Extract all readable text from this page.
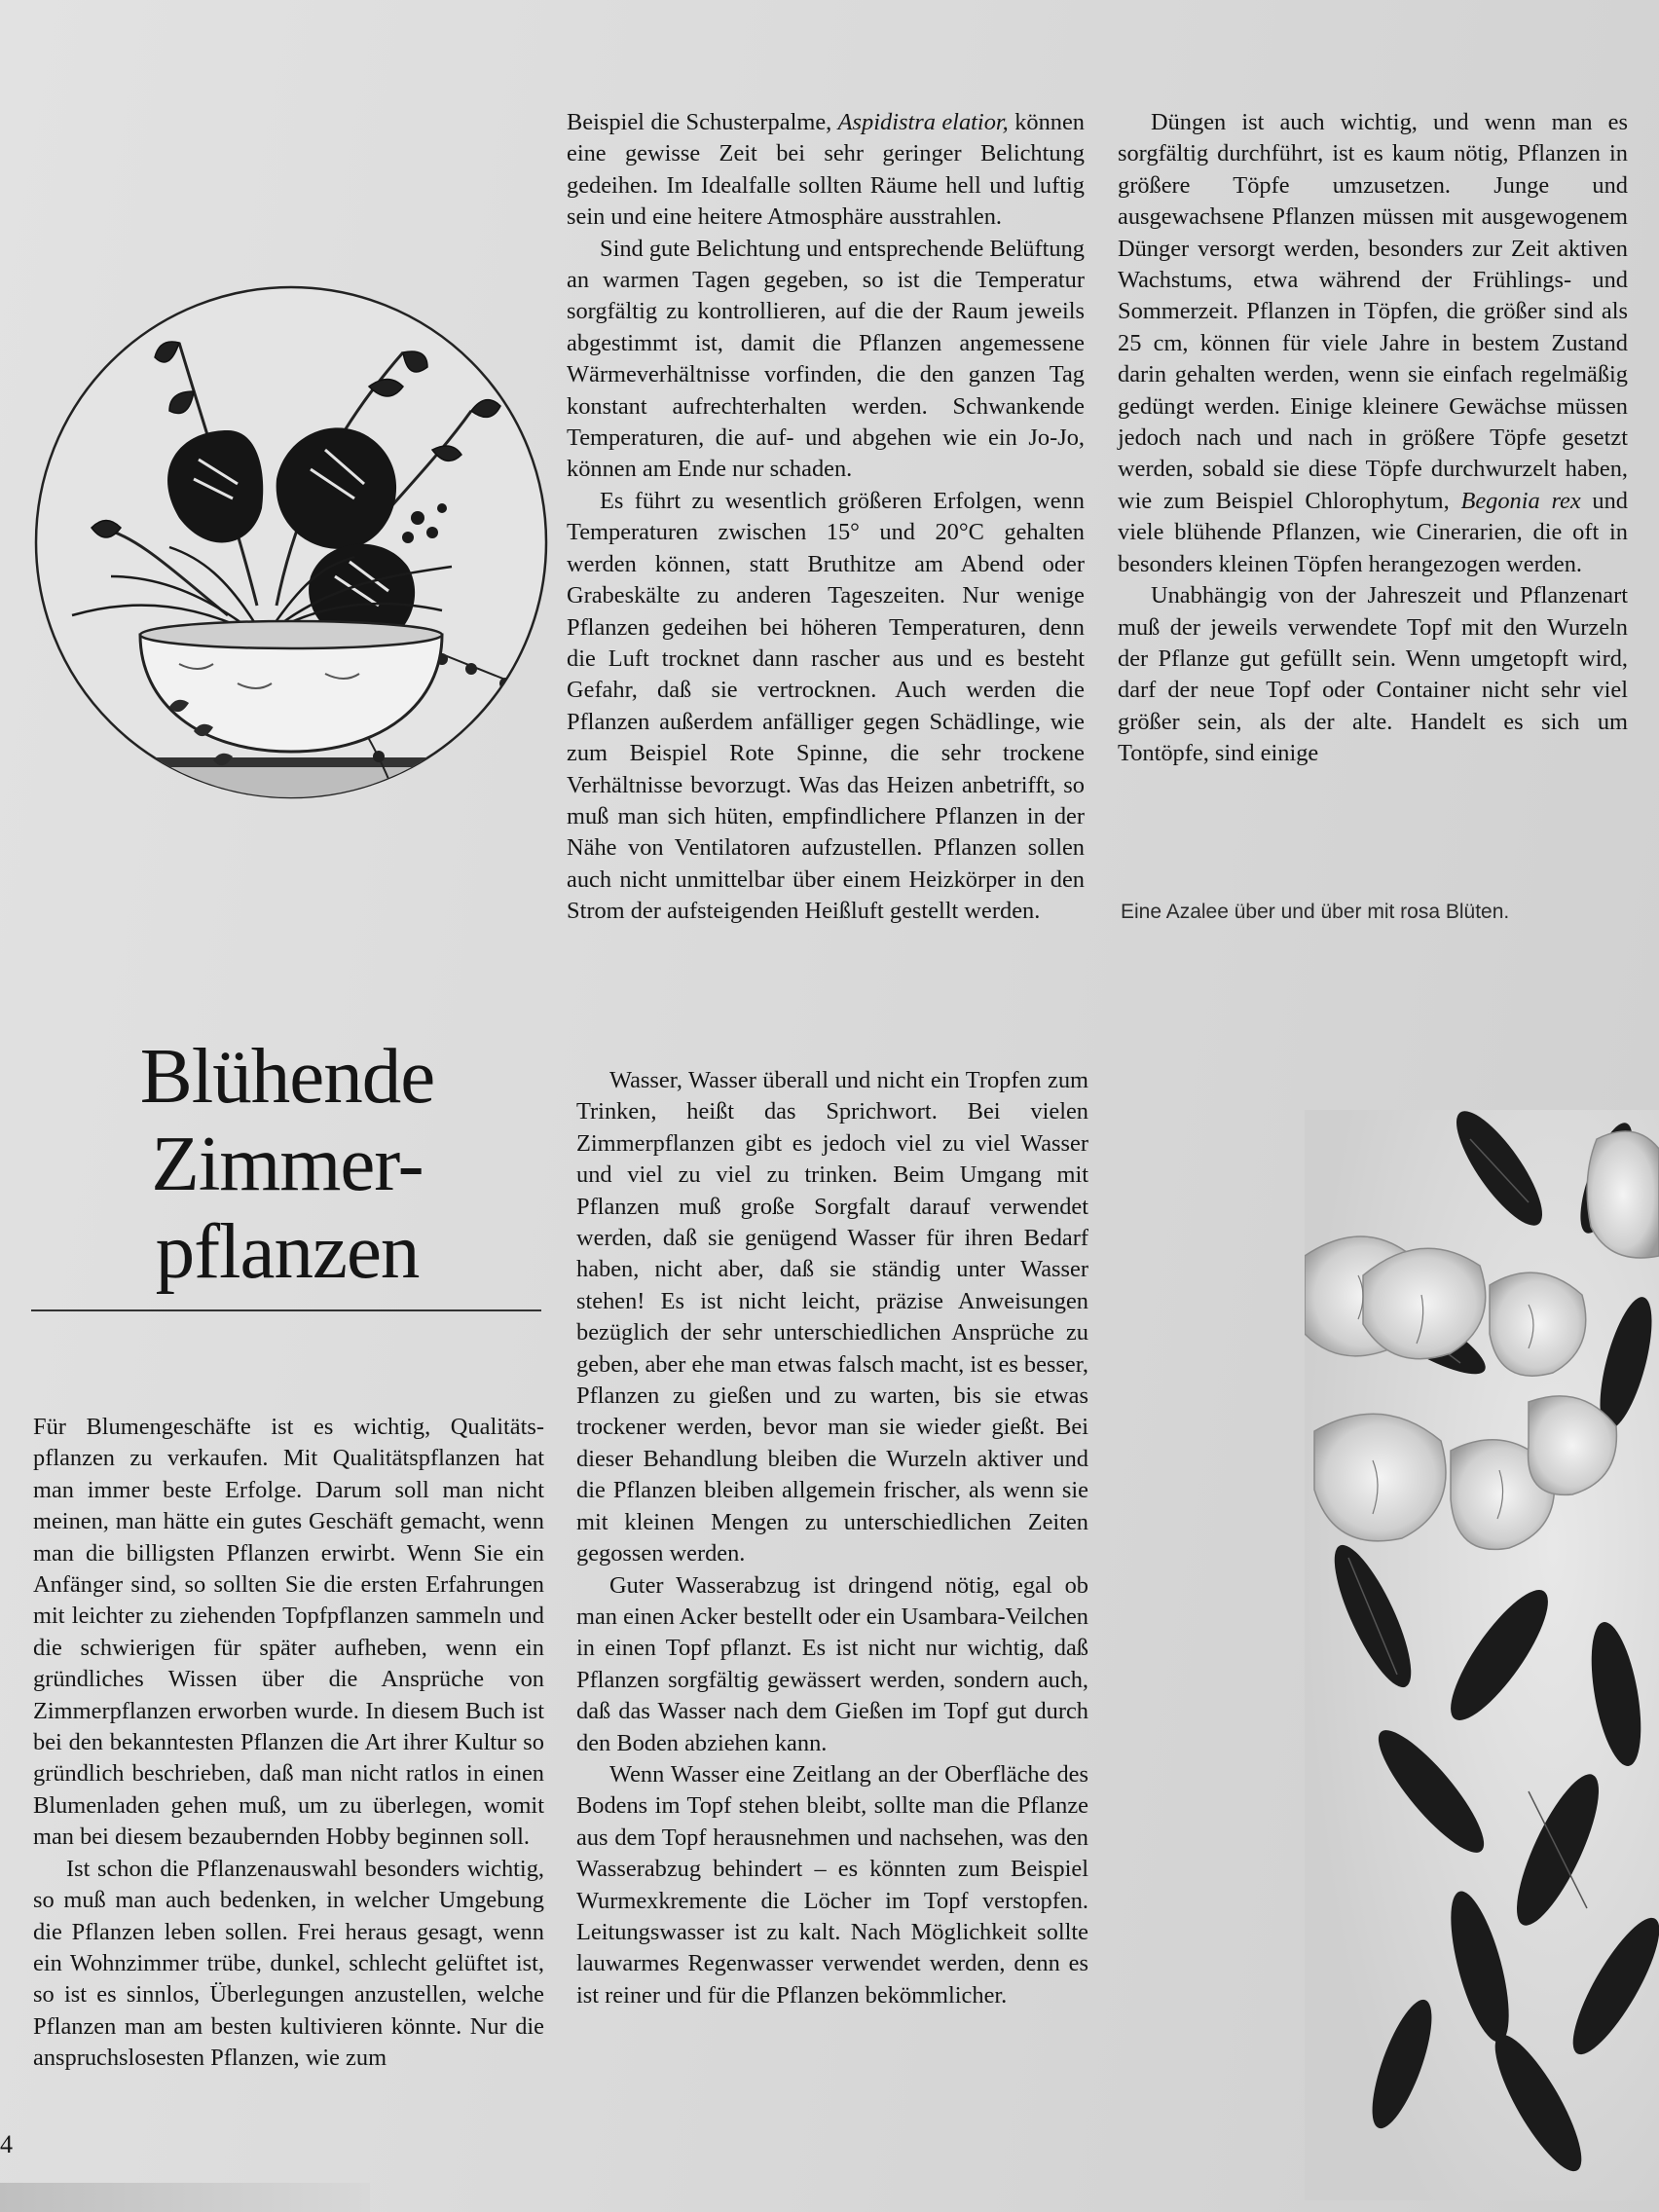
Blühende
Zimmer-
pflanzen

Für Blumengeschäfte ist es wichtig, Qualitätspflanzen zu verkaufen. Mit Qualitätspflanzen hat man immer beste Erfolge. Darum soll man nicht meinen, man hätte ein gutes Geschäft gemacht, wenn man die billigsten Pflanzen erwirbt. Wenn Sie ein Anfänger sind, so sollten Sie die ersten Erfahrungen mit leichter zu ziehenden Topfpflanzen sammeln und die schwierigen für später aufheben, wenn ein gründliches Wissen über die Ansprüche von Zimmerpflanzen erworben wurde. In diesem Buch ist bei den bekanntesten Pflanzen die Art ihrer Kultur so gründlich beschrieben, daß man nicht ratlos in einen Blumenladen gehen muß, um zu überlegen, womit man bei diesem bezaubernden Hobby beginnen soll.

Ist schon die Pflanzenauswahl besonders wichtig, so muß man auch bedenken, in welcher Umgebung die Pflanzen leben sollen. Frei heraus gesagt, wenn ein Wohnzimmer trübe, dunkel, schlecht gelüftet ist, so ist es sinnlos, Überlegungen anzustellen, welche Pflanzen man am besten kultivieren könnte. Nur die anspruchslosesten Pflanzen, wie zum

Beispiel die Schusterpalme, Aspidistra elatior, können eine gewisse Zeit bei sehr geringer Belichtung gedeihen. Im Idealfalle sollten Räume hell und luftig sein und eine heitere Atmosphäre ausstrahlen.

Sind gute Belichtung und entsprechende Belüftung an warmen Tagen gegeben, so ist die Temperatur sorgfältig zu kontrollieren, auf die der Raum jeweils abgestimmt ist, damit die Pflanzen angemessene Wärmeverhältnisse vorfinden, die den ganzen Tag konstant aufrechterhalten werden. Schwankende Temperaturen, die auf- und abgehen wie ein Jo-Jo, können am Ende nur schaden.

Es führt zu wesentlich größeren Erfolgen, wenn Temperaturen zwischen 15° und 20°C gehalten werden können, statt Bruthitze am Abend oder Grabeskälte zu anderen Tageszeiten. Nur wenige Pflanzen gedeihen bei höheren Temperaturen, denn die Luft trocknet dann rascher aus und es besteht Gefahr, daß sie vertrocknen. Auch werden die Pflanzen außerdem anfälliger gegen Schädlinge, wie zum Beispiel Rote Spinne, die sehr trockene Verhältnisse bevorzugt. Was das Heizen anbetrifft, so muß man sich hüten, empfindlichere Pflanzen in der Nähe von Ventilatoren aufzustellen. Pflanzen sollen auch nicht unmittelbar über einem Heizkörper in den Strom der aufsteigenden Heißluft gestellt werden.

Wasser, Wasser überall und nicht ein Tropfen zum Trinken, heißt das Sprichwort. Bei vielen Zimmerpflanzen gibt es jedoch viel zu viel Wasser und viel zu viel zu trinken. Beim Umgang mit Pflanzen muß große Sorgfalt darauf verwendet werden, daß sie genügend Wasser für ihren Bedarf haben, nicht aber, daß sie ständig unter Wasser stehen! Es ist nicht leicht, präzise Anweisungen bezüglich der sehr unterschiedlichen Ansprüche zu geben, aber ehe man etwas falsch macht, ist es besser, Pflanzen zu gießen und zu warten, bis sie etwas trockener werden, bevor man sie wieder gießt. Bei dieser Behandlung bleiben die Wurzeln aktiver und die Pflanzen bleiben allgemein frischer, als wenn sie mit kleinen Mengen zu unterschiedlichen Zeiten gegossen werden.

Guter Wasserabzug ist dringend nötig, egal ob man einen Acker bestellt oder ein Usambara-Veilchen in einen Topf pflanzt. Es ist nicht nur wichtig, daß Pflanzen sorgfältig gewässert werden, sondern auch, daß das Wasser nach dem Gießen im Topf gut durch den Boden abziehen kann.

Wenn Wasser eine Zeitlang an der Oberfläche des Bodens im Topf stehen bleibt, sollte man die Pflanze aus dem Topf herausnehmen und nachsehen, was den Wasserabzug behindert – es könnten zum Beispiel Wurmexkremente die Löcher im Topf verstopfen. Leitungswasser ist zu kalt. Nach Möglichkeit sollte lauwarmes Regenwasser verwendet werden, denn es ist reiner und für die Pflanzen bekömmlicher.

Düngen ist auch wichtig, und wenn man es sorgfältig durchführt, ist es kaum nötig, Pflanzen in größere Töpfe umzusetzen. Junge und ausgewachsene Pflanzen müssen mit ausgewogenem Dünger versorgt werden, besonders zur Zeit aktiven Wachstums, etwa während der Frühlings- und Sommerzeit. Pflanzen in Töpfen, die größer sind als 25 cm, können für viele Jahre in bestem Zustand darin gehalten werden, wenn sie einfach regelmäßig gedüngt werden. Einige kleinere Gewächse müssen jedoch nach und nach in größere Töpfe gesetzt werden, sobald sie diese Töpfe durchwurzelt haben, wie zum Beispiel Chlorophytum, Begonia rex und viele blühende Pflanzen, wie Cinerarien, die oft in besonders kleinen Töpfen herangezogen werden.

Unabhängig von der Jahreszeit und Pflanzenart muß der jeweils verwendete Topf mit den Wurzeln der Pflanze gut gefüllt sein. Wenn umgetopft wird, darf der neue Topf oder Container nicht sehr viel größer sein, als der alte. Handelt es sich um Tontöpfe, sind einige

Eine Azalee über und über mit rosa Blüten.
4
